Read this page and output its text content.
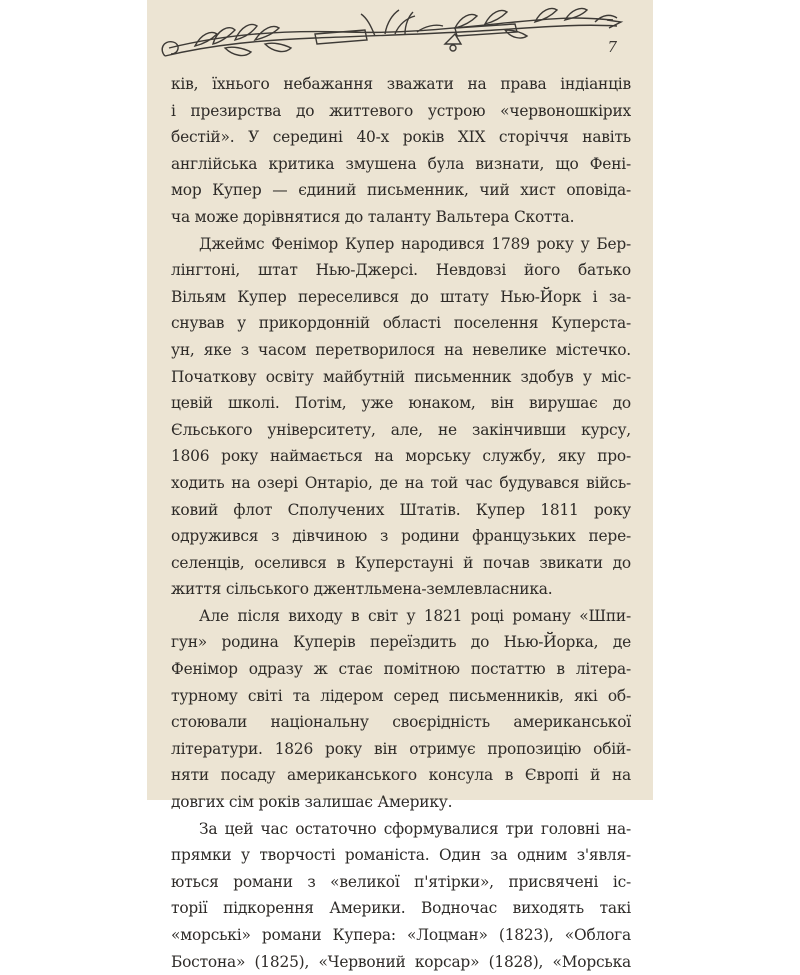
7

ків, їхнього небажання зважати на права індіанців
і презирства до життевого устрою «червоношкірих
бестій». У середині 40-х років XIX сторіччя навіть
англійська критика змушена була визнати, що Фені-
мор Купер — єдиний письменник, чий хист оповіда-
ча може дорівнятися до таланту Вальтера Скотта.

Джеймс Фенімор Купер народився 1789 року у Бер-
лінгтоні, штат Нью-Джерсі. Невдовзі його батько
Вільям Купер переселився до штату Нью-Йорк і за-
снував у прикордонній області поселення Куперста-
ун, яке з часом перетворилося на невелике містечко.
Початкову освіту майбутній письменник здобув у міс-
цевій школі. Потім, уже юнаком, він вирушає до
Єльського університету, але, не закінчивши курсу,
1806 року наймається на морську службу, яку про-
ходить на озері Онтаріо, де на той час будувався війсь-
ковий флот Сполучених Штатів. Купер 1811 року
одружився з дівчиною з родини французьких пере-
селенців, оселився в Куперстауні й почав звикати до
життя сільського джентльмена-землевласника.

Але після виходу в світ у 1821 році роману «Шпи-
гун» родина Куперів переїздить до Нью-Йорка, де
Фенімор одразу ж стає помітною постаттю в літера-
турному світі та лідером серед письменників, які об-
стоювали національну своєрідність американської
літератури. 1826 року він отримує пропозицію обій-
няти посаду американського консула в Європі й на
довгих сім років залишає Америку.

За цей час остаточно сформувалися три головні на-
прямки у творчості романіста. Один за одним з'явля-
ються романи з «великої п'ятірки», присвячені іс-
торії підкорення Америки. Водночас виходять такі
«морські» романи Купера: «Лоцман» (1823), «Облога
Бостона» (1825), «Червоний корсар» (1828), «Морська
